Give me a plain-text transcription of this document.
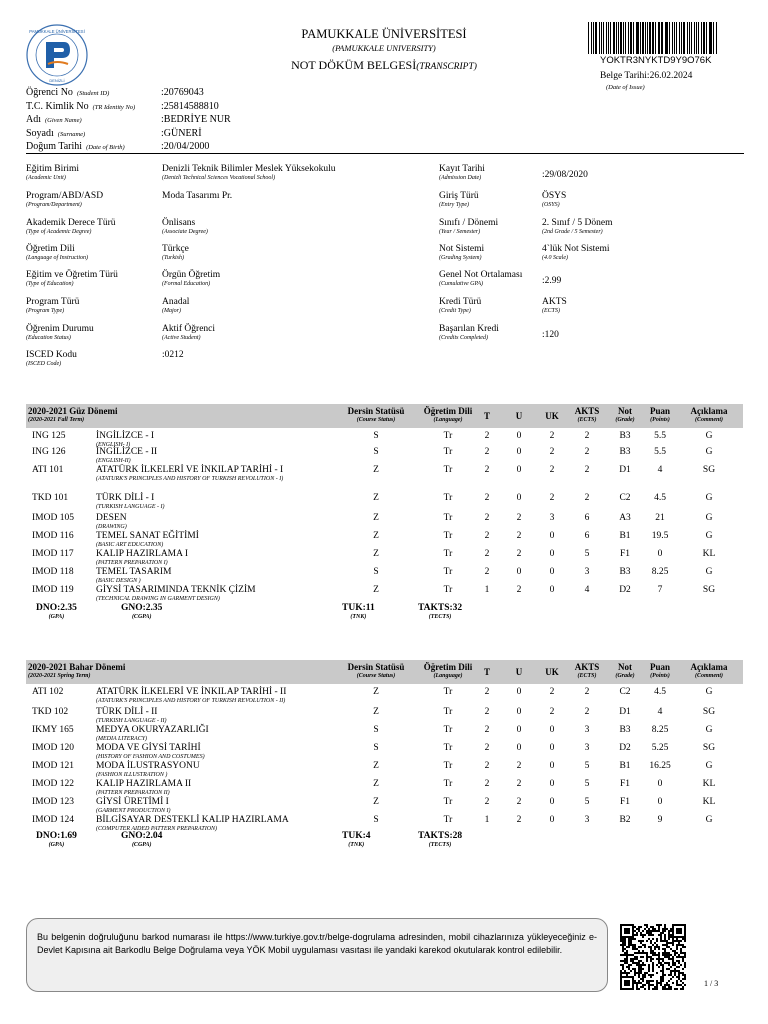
PAMUKKALE ÜNİVERSİTESİ
DENİZLİ
PAMUKKALE ÜNİVERSİTESİ
(PAMUKKALE UNIVERSITY)
NOT DÖKÜM BELGESİ(TRANSCRIPT)
YOKTR3NYKTD9Y9O76K
Belge Tarihi:26.02.2024
(Date of Issue)
Öğrenci No (Student ID)	:20769043
T.C. Kimlik No (TR Identity No)	:25814588810
Adı (Given Name)	:BEDRİYE NUR
Soyadı (Surname)	:GÜNERİ
Doğum Tarihi (Date of Birth)	:20/04/2000
Eğitim Birimi
(Academic Unit)
Denizli Teknik Bilimler Meslek Yüksekokulu
(Denizli Technical Sciences Vocational School)
Program/ABD/ASD
(Program/Department)
Moda Tasarımı Pr.
Akademik Derece Türü
(Type of Academic Degree)
Önlisans
(Associate Degree)
Öğretim Dili
(Language of Instruction)
Türkçe
(Turkish)
Eğitim ve Öğretim Türü
(Type of Education)
Örgün Öğretim
(Formal Education)
Program Türü
(Program Type)
Anadal
(Major)
Öğrenim Durumu
(Education Status)
Aktif Öğrenci
(Active Student)
ISCED Kodu
(ISCED Code)
:0212
Kayıt Tarihi
(Admission Date)	:29/08/2020
Giriş Türü
(Entry Type)
ÖSYS
(OSYS)
Sınıfı / Dönemi
(Year / Semester)
2. Sınıf / 5 Dönem
(2nd Grade / 5 Semester)
Not Sistemi
(Grading System)
4`lük Not Sistemi
(4.0 Scale)
Genel Not Ortalaması
(Cumulative GPA)	:2.99
Kredi Türü
(Credit Type)
AKTS
(ECTS)
Başarılan Kredi
(Credits Completed)	:120
2020-2021 Güz Dönemi
(2020-2021 Fall Term)
Dersin Statüsü
(Course Status)
Öğretim Dili
(Language)	T	U	UK	AKTS
(ECTS)
Not
(Grade)
Puan
(Points)
Açıklama
(Comment)
ING 125	İNGİLİZCE - I
(ENGLISH- I)
S	Tr	2	0	2	2	B3	5.5	G
ING 126	İNGİLİZCE - II
(ENGLISH-II)
S	Tr	2	0	2	2	B3	5.5	G
ATI 101	ATATÜRK İLKELERİ VE İNKILAP TARİHİ - I
(ATATURK'S PRINCIPLES AND HISTORY OF TURKISH REVOLUTION - I)
Z	Tr	2	0	2	2	D1	4	SG
TKD 101	TÜRK DİLİ - I
(TURKISH LANGUAGE - I)
Z	Tr	2	0	2	2	C2	4.5	G
IMOD 105 DESEN
(DRAWING)
Z	Tr	2	2	3	6	A3	21	G
IMOD 116 TEMEL SANAT EĞİTİMİ
(BASIC ART EDUCATION)
Z	Tr	2	2	0	6	B1	19.5	G
IMOD 117 KALIP HAZIRLAMA I
(PATTERN PREPARATION I)
Z	Tr	2	2	0	5	F1	0	KL
IMOD 118 TEMEL TASARIM
(BASIC DESIGN )
S	Tr	2	0	0	3	B3	8.25	G
IMOD 119 GİYSİ TASARIMINDA TEKNİK ÇİZİM
(TECHNICAL DRAWING IN GARMENT DESIGN)
Z	Tr	1	2	0	4	D2	7	SG
DNO:2.35
(GPA)
GNO:2.35
(CGPA)
TUK:11
(TNK)
TAKTS:32
(TECTS)
2020-2021 Bahar Dönemi
(2020-2021 Spring Term)
Dersin Statüsü
(Course Status)
Öğretim Dili
(Language)	T	U	UK	AKTS
(ECTS)
Not
(Grade)
Puan
(Points)
Açıklama
(Comment)
ATI 102	ATATÜRK İLKELERİ VE İNKILAP TARİHİ - II
(ATATURK'S PRINCIPLES AND HISTORY OF TURKISH REVOLUTION - II)
Z	Tr	2	0	2	2	C2	4.5	G
TKD 102	TÜRK DİLİ - II
(TURKISH LANGUAGE - II)
Z	Tr	2	0	2	2	D1	4	SG
IKMY 165 MEDYA OKURYAZARLIĞI
(MEDIA LITERACY)
S	Tr	2	0	0	3	B3	8.25	G
IMOD 120 MODA VE GİYSİ TARİHİ
(HISTORY OF FASHION AND COSTUMES)
S	Tr	2	0	0	3	D2	5.25	SG
IMOD 121 MODA İLUSTRASYONU
(FASHION ILLUSTRATION )
Z	Tr	2	2	0	5	B1	16.25	G
IMOD 122 KALIP HAZIRLAMA II
(PATTERN PREPARATION II)
Z	Tr	2	2	0	5	F1	0	KL
IMOD 123 GİYSİ ÜRETİMİ I
(GARMENT PRODUCTION I)
Z	Tr	2	2	0	5	F1	0	KL
IMOD 124 BİLGİSAYAR DESTEKLİ KALIP HAZIRLAMA
(COMPUTER AIDED PATTERN PREPARATION)
S	Tr	1	2	0	3	B2	9	G
DNO:1.69
(GPA)
GNO:2.04
(CGPA)
TUK:4
(TNK)
TAKTS:28
(TECTS)
Bu belgenin doğruluğunu barkod numarası ile https://www.turkiye.gov.tr/belge-dogrulama adresinden, mobil cihazlarınıza yükleyeceğiniz e-Devlet Kapısına ait Barkodlu Belge Doğrulama veya YÖK Mobil uygulaması vasıtası ile yandaki karekod okutularak kontrol edilebilir.
1 / 3
